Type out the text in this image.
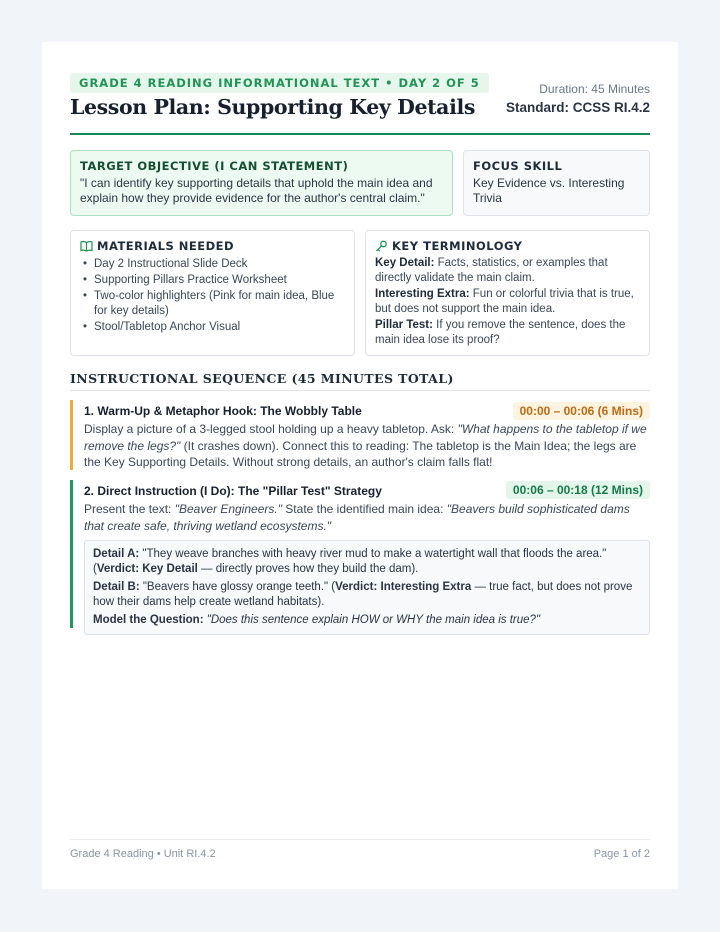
GRADE 4 READING INFORMATIONAL TEXT • DAY 2 OF 5
Lesson Plan: Supporting Key Details
Duration: 45 Minutes
Standard: CCSS RI.4.2
TARGET OBJECTIVE (I CAN STATEMENT)
"I can identify key supporting details that uphold the main idea and explain how they provide evidence for the author's central claim."
FOCUS SKILL
Key Evidence vs. Interesting Trivia
MATERIALS NEEDED
• Day 2 Instructional Slide Deck
• Supporting Pillars Practice Worksheet
• Two-color highlighters (Pink for main idea, Blue for key details)
• Stool/Tabletop Anchor Visual
KEY TERMINOLOGY
Key Detail: Facts, statistics, or examples that directly validate the main claim.
Interesting Extra: Fun or colorful trivia that is true, but does not support the main idea.
Pillar Test: If you remove the sentence, does the main idea lose its proof?
INSTRUCTIONAL SEQUENCE (45 MINUTES TOTAL)
1. Warm-Up & Metaphor Hook: The Wobbly Table	00:00 – 00:06 (6 Mins)
Display a picture of a 3-legged stool holding up a heavy tabletop. Ask: "What happens to the tabletop if we remove the legs?" (It crashes down). Connect this to reading: The tabletop is the Main Idea; the legs are the Key Supporting Details. Without strong details, an author's claim falls flat!
2. Direct Instruction (I Do): The "Pillar Test" Strategy	00:06 – 00:18 (12 Mins)
Present the text: "Beaver Engineers." State the identified main idea: "Beavers build sophisticated dams that create safe, thriving wetland ecosystems."

Detail A: "They weave branches with heavy river mud to make a watertight wall that floods the area." (Verdict: Key Detail — directly proves how they build the dam).

Detail B: "Beavers have glossy orange teeth." (Verdict: Interesting Extra — true fact, but does not prove how their dams help create wetland habitats).

Model the Question: "Does this sentence explain HOW or WHY the main idea is true?"

Grade 4 Reading • Unit RI.4.2	Page 1 of 2
